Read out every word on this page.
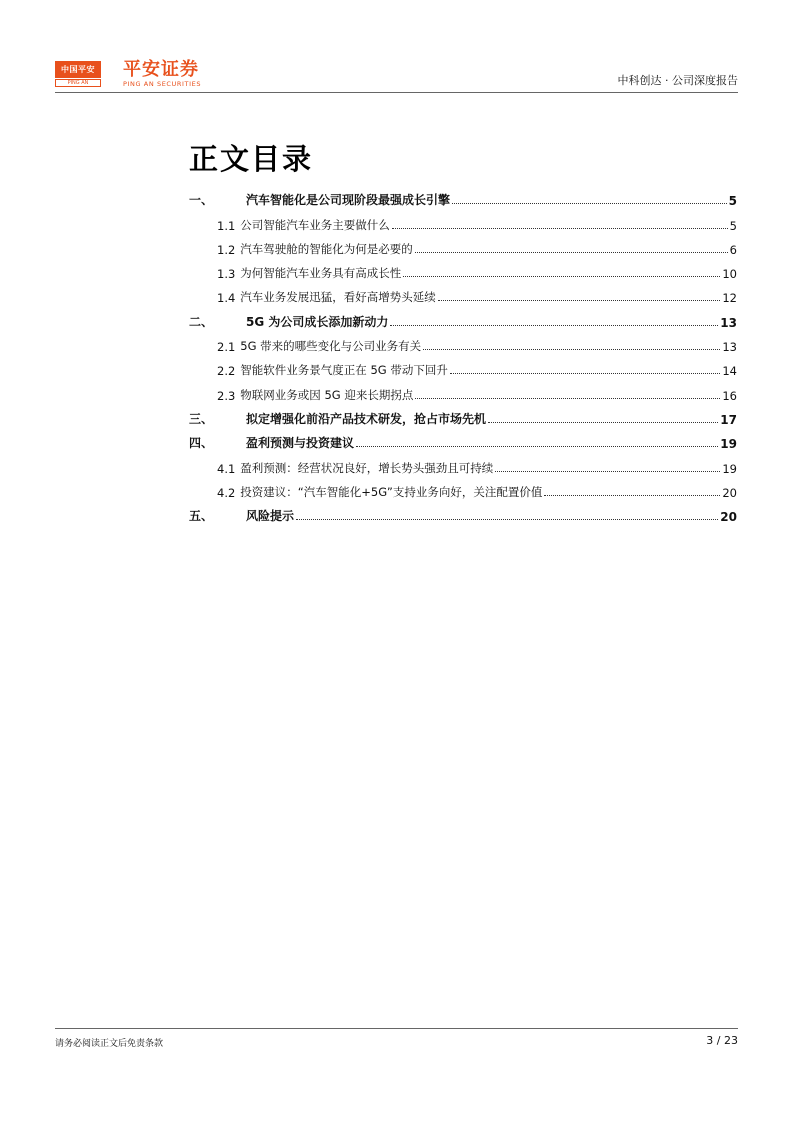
中国平安
PING AN
平安证券
PING AN SECURITIES	中科创达 · 公司深度报告
正文目录
一、	汽车智能化是公司现阶段最强成长引擎	5
1.1 公司智能汽车业务主要做什么	5
1.2 汽车驾驶舱的智能化为何是必要的	6
1.3 为何智能汽车业务具有高成长性	10
1.4 汽车业务发展迅猛，看好高增势头延续	12
二、	5G 为公司成长添加新动力	13
2.1 5G 带来的哪些变化与公司业务有关	13
2.2 智能软件业务景气度正在 5G 带动下回升	14
2.3 物联网业务或因 5G 迎来长期拐点	16
三、	拟定增强化前沿产品技术研发，抢占市场先机	17
四、	盈利预测与投资建议	19
4.1 盈利预测：经营状况良好，增长势头强劲且可持续	19
4.2 投资建议：“汽车智能化+5G”支持业务向好，关注配置价值	20
五、	风险提示	20
请务必阅读正文后免责条款	3 / 23
